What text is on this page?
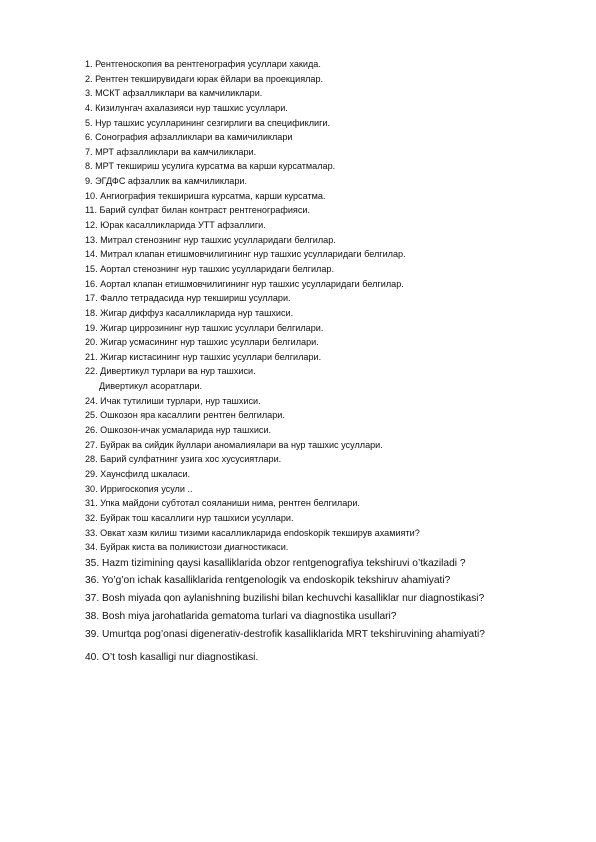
1. Рентгеноскопия ва рентгенография усуллари хакида.
2. Рентген текширувидаги юрак ёйлари ва проекциялар.
3. МСКТ афзалликлари ва камчиликлари.
4. Кизилунгач ахалазияси нур ташхис усуллари.
5. Нур ташхис усулларининг сезгирлиги ва спецификлиги.
6. Сонография афзалликлари ва камичиликлари
7. МРТ афзалликлари ва камчиликлари.
8. МРТ текшириш усулига курсатма ва карши курсатмалар.
9. ЭГДФС афзаллик ва камчиликлари.
10. Ангиография текширишга курсатма, карши курсатма.
11. Барий сулфат билан контраст рентгенографияси.
12. Юрак касалликларида УТТ афзаллиги.
13. Митрал стенознинг нур ташхис усулларидаги белгилар.
14. Митрал клапан етишмовчилигининг нур ташхис усулларидаги белгилар.
15. Аортал стенознинг нур ташхис усулларидаги белгилар.
16. Аортал клапан етишмовчилигининг нур ташхис усулларидаги белгилар.
17. Фалло тетрадасида нур текшириш усуллари.
18. Жигар диффуз касалликларида нур ташхиси.
19. Жигар циррозининг нур ташхис усуллари белгилари.
20. Жигар усмасининг нур ташхис усуллари белгилари.
21. Жигар кистасининг нур ташхис усуллари белгилари.
22. Дивертикул турлари ва нур ташхиси.
Дивертикул асоратлари.
24. Ичак тутилиши турлари, нур ташхиси.
25. Ошкозон яра касаллиги рентген белгилари.
26. Ошкозон-ичак усмаларида нур ташхиси.
27. Буйрак ва сийдик йуллари аномалиялари ва нур ташхис усуллари.
28. Барий сулфатнинг узига хос хусусиятлари.
29. Хаунсфилд шкаласи.
30. Ирригоскопия усули ..
31. Упка майдони субтотал сояланиши нима, рентген белгилари.
32. Буйрак тош касаллиги нур ташхиси усуллари.
33. Овкат хазм килиш тизими касалликларида endoskopik текширув ахамияти?
34. Буйрак киста ва поликистози диагностикаси.
35. Hazm tizimining qaysi kasalliklarida obzor rentgenografiya tekshiruvi o’tkaziladi ?
36. Yo’g’on ichak kasalliklarida rentgenologik va endoskopik tekshiruv ahamiyati?
37. Bosh miyada qon aylanishning buzilishi bilan kechuvchi kasalliklar nur diagnostikasi?
38. Bosh miya jarohatlarida gematoma turlari va diagnostika usullari?
39. Umurtqa pog’onasi digenerativ-destrofik kasalliklarida MRT tekshiruvining ahamiyati?
40. O’t tosh kasalligi nur diagnostikasi.
